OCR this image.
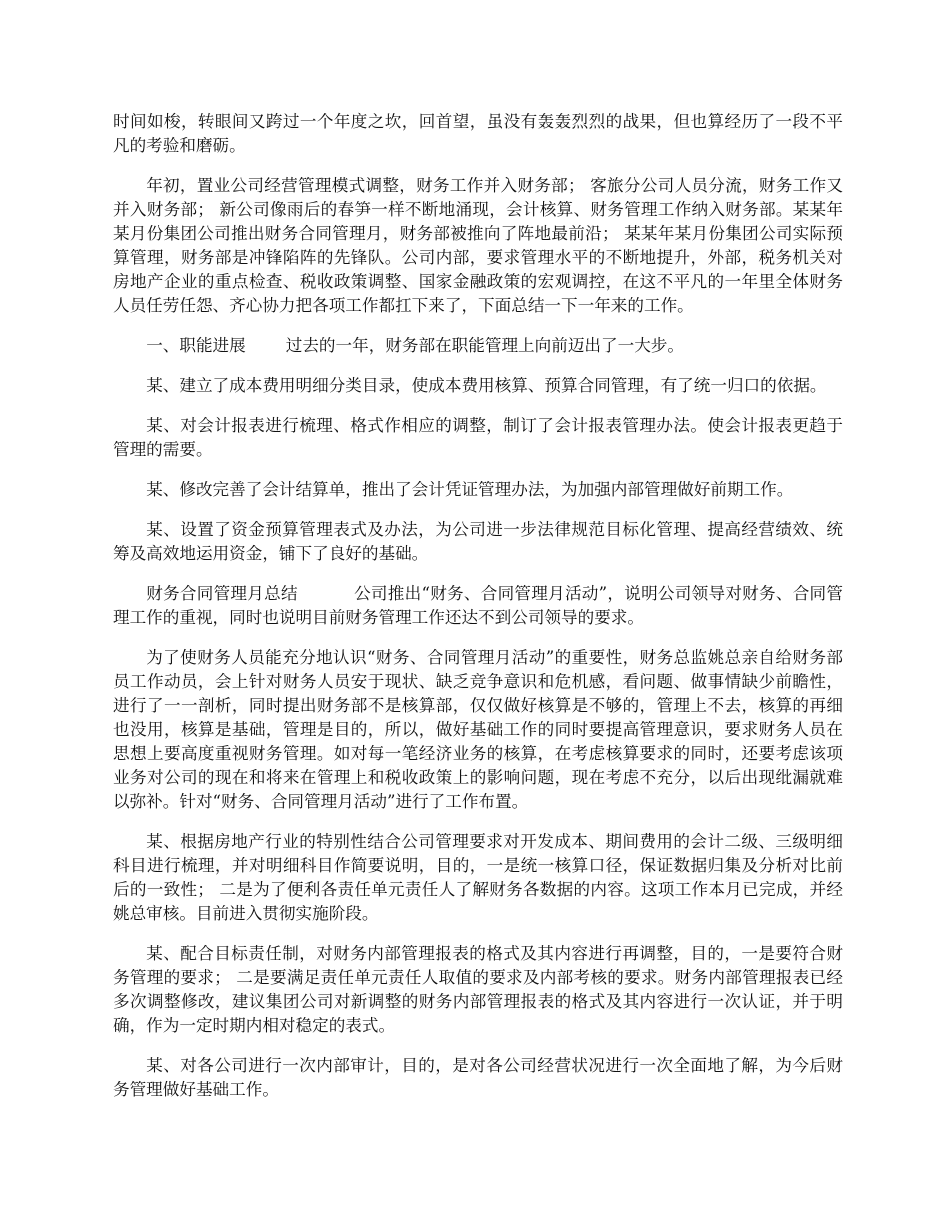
时间如梭，转眼间又跨过一个年度之坎，回首望，虽没有轰轰烈烈的战果，但也算经历了一段不平凡的考验和磨砺。

年初，置业公司经营管理模式调整，财务工作并入财务部； 客旅分公司人员分流，财务工作又并入财务部； 新公司像雨后的春笋一样不断地涌现，会计核算、财务管理工作纳入财务部。某某年某月份集团公司推出财务合同管理月，财务部被推向了阵地最前沿； 某某年某月份集团公司实际预算管理，财务部是冲锋陷阵的先锋队。公司内部，要求管理水平的不断地提升，外部，税务机关对房地产企业的重点检查、税收政策调整、国家金融政策的宏观调控，在这不平凡的一年里全体财务人员任劳任怨、齐心协力把各项工作都扛下来了，下面总结一下一年来的工作。

一、职能进展 过去的一年，财务部在职能管理上向前迈出了一大步。

某、建立了成本费用明细分类目录，使成本费用核算、预算合同管理，有了统一归口的依据。

某、对会计报表进行梳理、格式作相应的调整，制订了会计报表管理办法。使会计报表更趋于管理的需要。

某、修改完善了会计结算单，推出了会计凭证管理办法，为加强内部管理做好前期工作。

某、设置了资金预算管理表式及办法，为公司进一步法律规范目标化管理、提高经营绩效、统筹及高效地运用资金，铺下了良好的基础。

财务合同管理月总结	公司推出“财务、合同管理月活动”，说明公司领导对财务、合同管理工作的重视，同时也说明目前财务管理工作还达不到公司领导的要求。

为了使财务人员能充分地认识“财务、合同管理月活动”的重要性，财务总监姚总亲自给财务部员工作动员，会上针对财务人员安于现状、缺乏竞争意识和危机感，看问题、做事情缺少前瞻性，进行了一一剖析，同时提出财务部不是核算部，仅仅做好核算是不够的，管理上不去，核算的再细也没用，核算是基础，管理是目的，所以，做好基础工作的同时要提高管理意识，要求财务人员在思想上要高度重视财务管理。如对每一笔经济业务的核算，在考虑核算要求的同时，还要考虑该项业务对公司的现在和将来在管理上和税收政策上的影响问题，现在考虑不充分，以后出现纰漏就难以弥补。针对“财务、合同管理月活动”进行了工作布置。

某、根据房地产行业的特别性结合公司管理要求对开发成本、期间费用的会计二级、三级明细科目进行梳理，并对明细科目作简要说明，目的，一是统一核算口径，保证数据归集及分析对比前后的一致性； 二是为了便利各责任单元责任人了解财务各数据的内容。这项工作本月已完成，并经姚总审核。目前进入贯彻实施阶段。

某、配合目标责任制，对财务内部管理报表的格式及其内容进行再调整，目的，一是要符合财务管理的要求； 二是要满足责任单元责任人取值的要求及内部考核的要求。财务内部管理报表已经多次调整修改，建议集团公司对新调整的财务内部管理报表的格式及其内容进行一次认证，并于明确，作为一定时期内相对稳定的表式。

某、对各公司进行一次内部审计，目的，是对各公司经营状况进行一次全面地了解，为今后财务管理做好基础工作。
